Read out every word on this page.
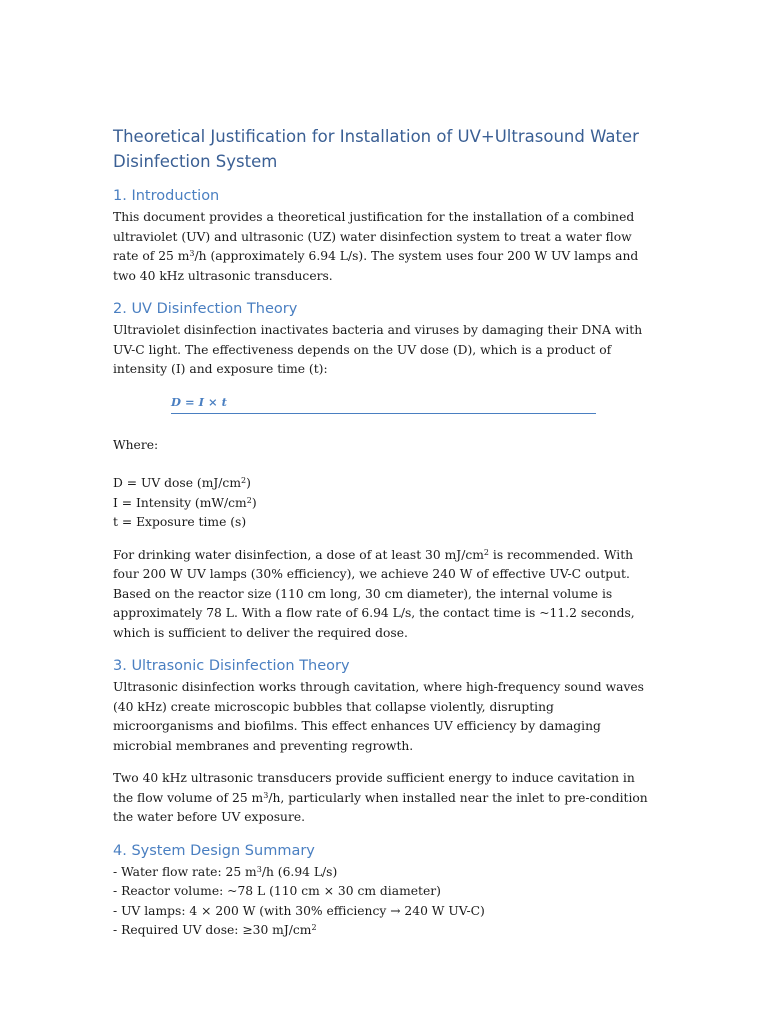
Theoretical Justification for Installation of UV+Ultrasound Water Disinfection System
1. Introduction

This document provides a theoretical justification for the installation of a combined ultraviolet (UV) and ultrasonic (UZ) water disinfection system to treat a water flow rate of 25 $m^3/h$ (approximately 6.94 L/s). The system uses four 200 W UV lamps and two 40 kHz ultrasonic transducers.

2. UV Disinfection Theory

Ultraviolet disinfection inactivates bacteria and viruses by damaging their DNA with UV-C light. The effectiveness depends on the UV dose (D), which is a product of intensity (I) and exposure time (t):

D = I × t

Where:

D = UV dose $(mJ/cm^2)$
I = Intensity $(mW/cm^2)$
t = Exposure time (s)

For drinking water disinfection, a dose of at least 30 $mJ/cm^2$ is recommended. With four 200 W UV lamps (30% efficiency), we achieve 240 W of effective UV-C output. Based on the reactor size (110 cm long, 30 cm diameter), the internal volume is approximately 78 L. With a flow rate of 6.94 L/s, the contact time is ~11.2 seconds, which is sufficient to deliver the required dose.

3. Ultrasonic Disinfection Theory

Ultrasonic disinfection works through cavitation, where high-frequency sound waves (40 kHz) create microscopic bubbles that collapse violently, disrupting microorganisms and biofilms. This effect enhances UV efficiency by damaging microbial membranes and preventing regrowth.

Two 40 kHz ultrasonic transducers provide sufficient energy to induce cavitation in the flow volume of 25 $m^3/h$, particularly when installed near the inlet to pre-condition the water before UV exposure.

4. System Design Summary
- Water flow rate: 25 $m^3/h$ (6.94 L/s)
- Reactor volume: ~78 L (110 cm × 30 cm diameter)
- UV lamps: 4 × 200 W (with 30% efficiency → 240 W UV-C)
- Required UV dose: ≥30 $mJ/cm^2$
